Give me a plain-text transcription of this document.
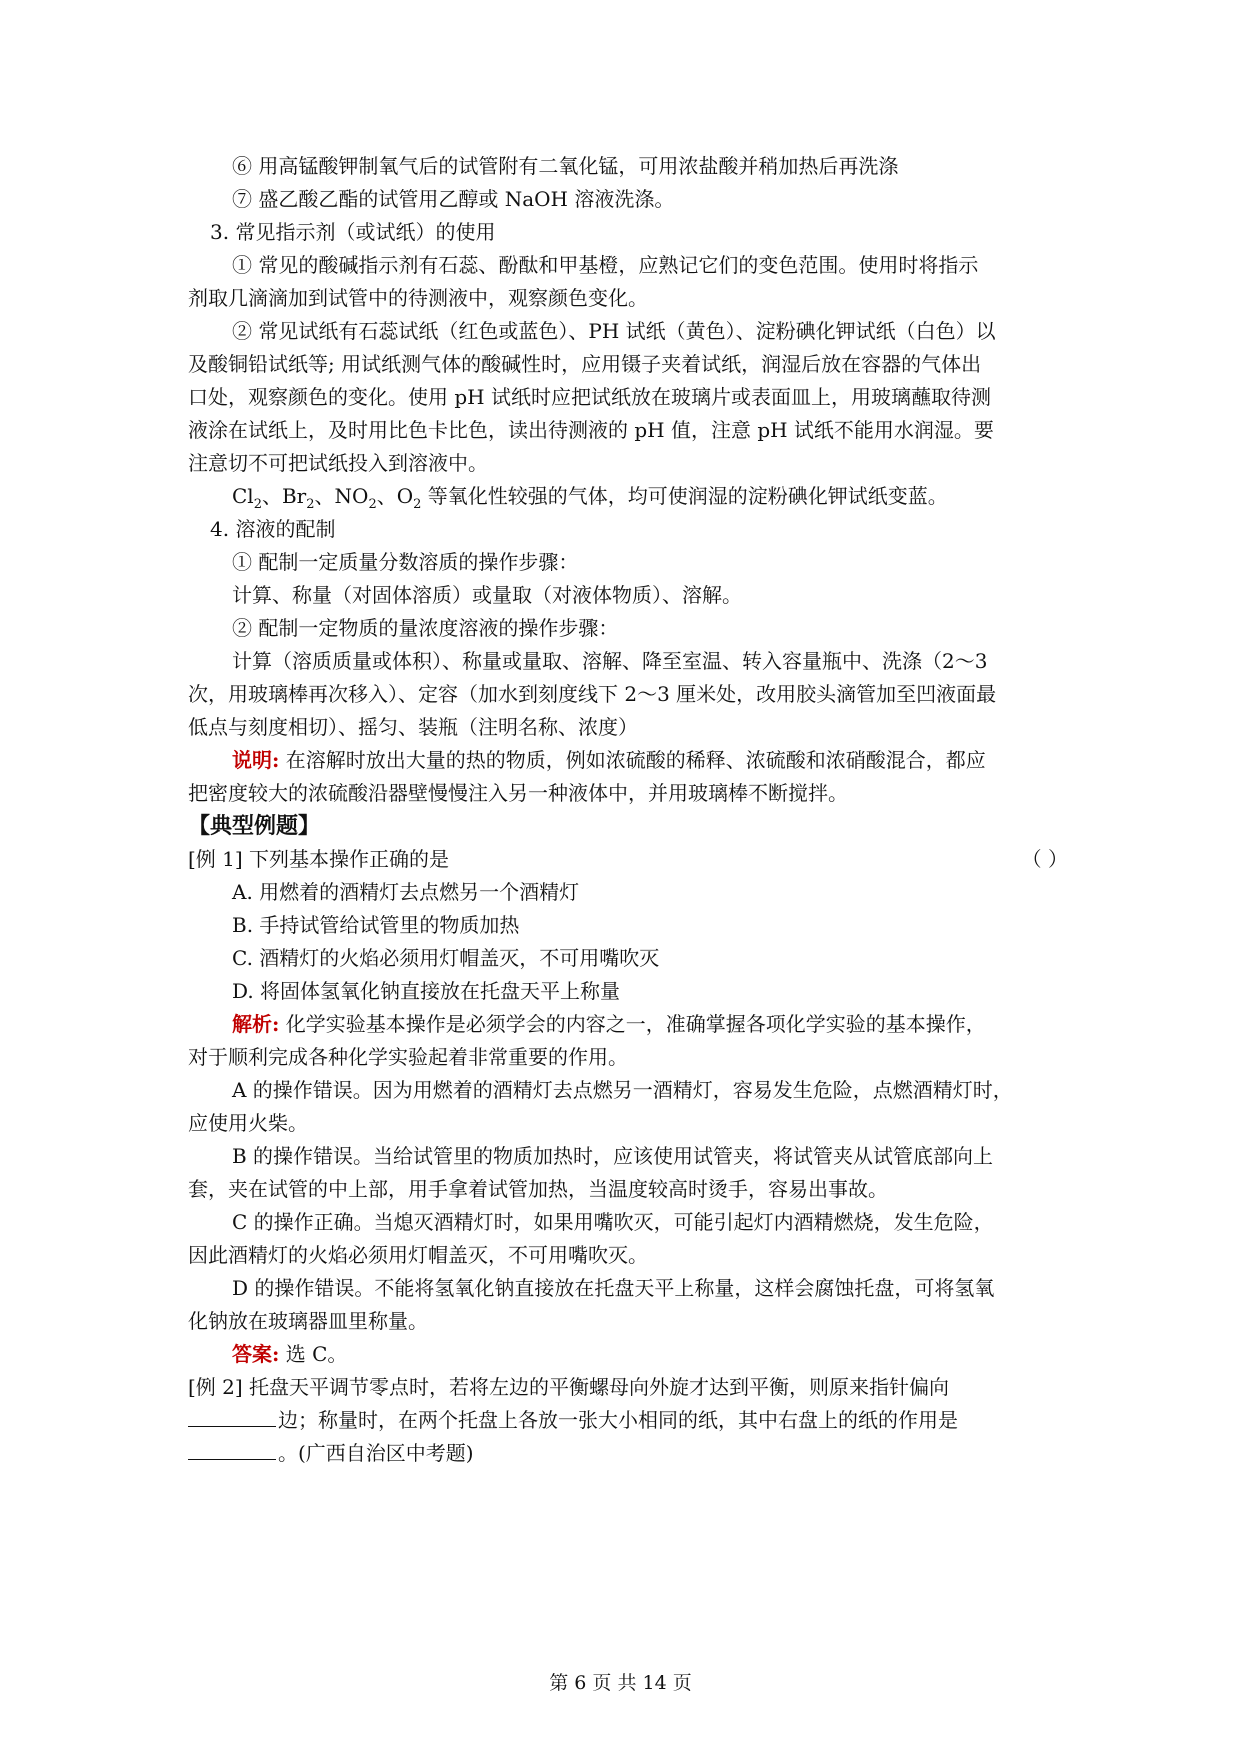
⑥ 用高锰酸钾制氧气后的试管附有二氧化锰，可用浓盐酸并稍加热后再洗涤
⑦ 盛乙酸乙酯的试管用乙醇或 NaOH 溶液洗涤。
3. 常见指示剂（或试纸）的使用
① 常见的酸碱指示剂有石蕊、酚酞和甲基橙，应熟记它们的变色范围。使用时将指示
剂取几滴滴加到试管中的待测液中，观察颜色变化。
② 常见试纸有石蕊试纸（红色或蓝色）、PH 试纸（黄色）、淀粉碘化钾试纸（白色）以
及酸铜铅试纸等; 用试纸测气体的酸碱性时，应用镊子夹着试纸，润湿后放在容器的气体出
口处，观察颜色的变化。使用 pH 试纸时应把试纸放在玻璃片或表面皿上，用玻璃蘸取待测
液涂在试纸上，及时用比色卡比色，读出待测液的 pH 值，注意 pH 试纸不能用水润湿。要
注意切不可把试纸投入到溶液中。
$Cl_2$、$Br_2$、$NO_2$、$O_2$ 等氧化性较强的气体，均可使润湿的淀粉碘化钾试纸变蓝。
4. 溶液的配制
① 配制一定质量分数溶质的操作步骤：
计算、称量（对固体溶质）或量取（对液体物质）、溶解。
② 配制一定物质的量浓度溶液的操作步骤：
计算（溶质质量或体积）、称量或量取、溶解、降至室温、转入容量瓶中、洗涤（2～3
次，用玻璃棒再次移入）、定容（加水到刻度线下 2～3 厘米处，改用胶头滴管加至凹液面最
低点与刻度相切）、摇匀、装瓶（注明名称、浓度）
说明: 在溶解时放出大量的热的物质，例如浓硫酸的稀释、浓硫酸和浓硝酸混合，都应
把密度较大的浓硫酸沿器壁慢慢注入另一种液体中，并用玻璃棒不断搅拌。
【典型例题】
[例 1] 下列基本操作正确的是	（ ）
A. 用燃着的酒精灯去点燃另一个酒精灯
B. 手持试管给试管里的物质加热
C. 酒精灯的火焰必须用灯帽盖灭，不可用嘴吹灭
D. 将固体氢氧化钠直接放在托盘天平上称量
解析: 化学实验基本操作是必须学会的内容之一，准确掌握各项化学实验的基本操作，
对于顺利完成各种化学实验起着非常重要的作用。
A 的操作错误。因为用燃着的酒精灯去点燃另一酒精灯，容易发生危险，点燃酒精灯时，
应使用火柴。
B 的操作错误。当给试管里的物质加热时，应该使用试管夹，将试管夹从试管底部向上
套，夹在试管的中上部，用手拿着试管加热，当温度较高时烫手，容易出事故。
C 的操作正确。当熄灭酒精灯时，如果用嘴吹灭，可能引起灯内酒精燃烧，发生危险，
因此酒精灯的火焰必须用灯帽盖灭，不可用嘴吹灭。
D 的操作错误。不能将氢氧化钠直接放在托盘天平上称量，这样会腐蚀托盘，可将氢氧
化钠放在玻璃器皿里称量。
答案: 选 C。
[例 2] 托盘天平调节零点时，若将左边的平衡螺母向外旋才达到平衡，则原来指针偏向
边；称量时，在两个托盘上各放一张大小相同的纸，其中右盘上的纸的作用是
。(广西自治区中考题)
第 6 页 共 14 页
